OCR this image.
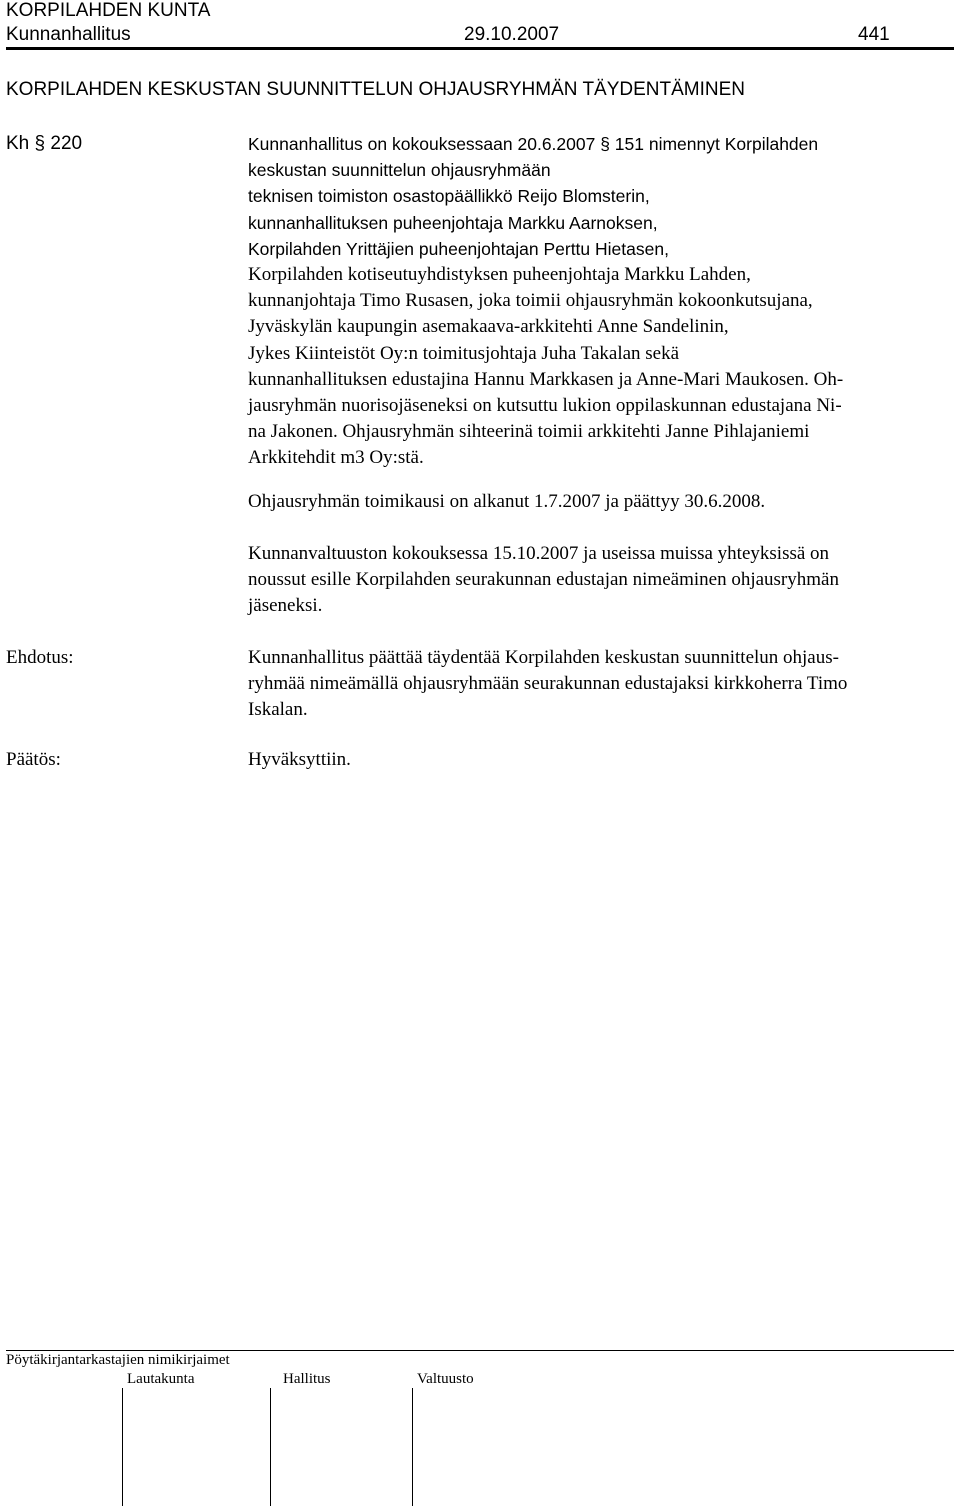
KORPILAHDEN KUNTA
Kunnanhallitus	29.10.2007	441
KORPILAHDEN KESKUSTAN SUUNNITTELUN OHJAUSRYHMÄN TÄYDENTÄMINEN
Kh § 220	Kunnanhallitus on kokouksessaan 20.6.2007 § 151 nimennyt Korpilahden
keskustan suunnittelun ohjausryhmään
teknisen toimiston osastopäällikkö Reijo Blomsterin,
kunnanhallituksen puheenjohtaja Markku Aarnoksen,
Korpilahden Yrittäjien puheenjohtajan Perttu Hietasen,
Korpilahden kotiseutuyhdistyksen puheenjohtaja Markku Lahden,
kunnanjohtaja Timo Rusasen, joka toimii ohjausryhmän kokoonkutsujana,
Jyväskylän kaupungin asemakaava-arkkitehti Anne Sandelinin,
Jykes Kiinteistöt Oy:n toimitusjohtaja Juha Takalan sekä
kunnanhallituksen edustajina Hannu Markkasen ja Anne-Mari Maukosen. Oh-
jausryhmän nuorisojäseneksi on kutsuttu lukion oppilaskunnan edustajana Ni-
na Jakonen. Ohjausryhmän sihteerinä toimii arkkitehti Janne Pihlajaniemi
Arkkitehdit m3 Oy:stä.
Ohjausryhmän toimikausi on alkanut 1.7.2007 ja päättyy 30.6.2008.
Kunnanvaltuuston kokouksessa 15.10.2007 ja useissa muissa yhteyksissä on
noussut esille Korpilahden seurakunnan edustajan nimeäminen ohjausryhmän
jäseneksi.
Ehdotus:	Kunnanhallitus päättää täydentää Korpilahden keskustan suunnittelun ohjaus-
ryhmää nimeämällä ohjausryhmään seurakunnan edustajaksi kirkkoherra Timo
Iskalan.
Päätös:	Hyväksyttiin.
Pöytäkirjantarkastajien nimikirjaimet
Lautakunta	Hallitus	Valtuusto
